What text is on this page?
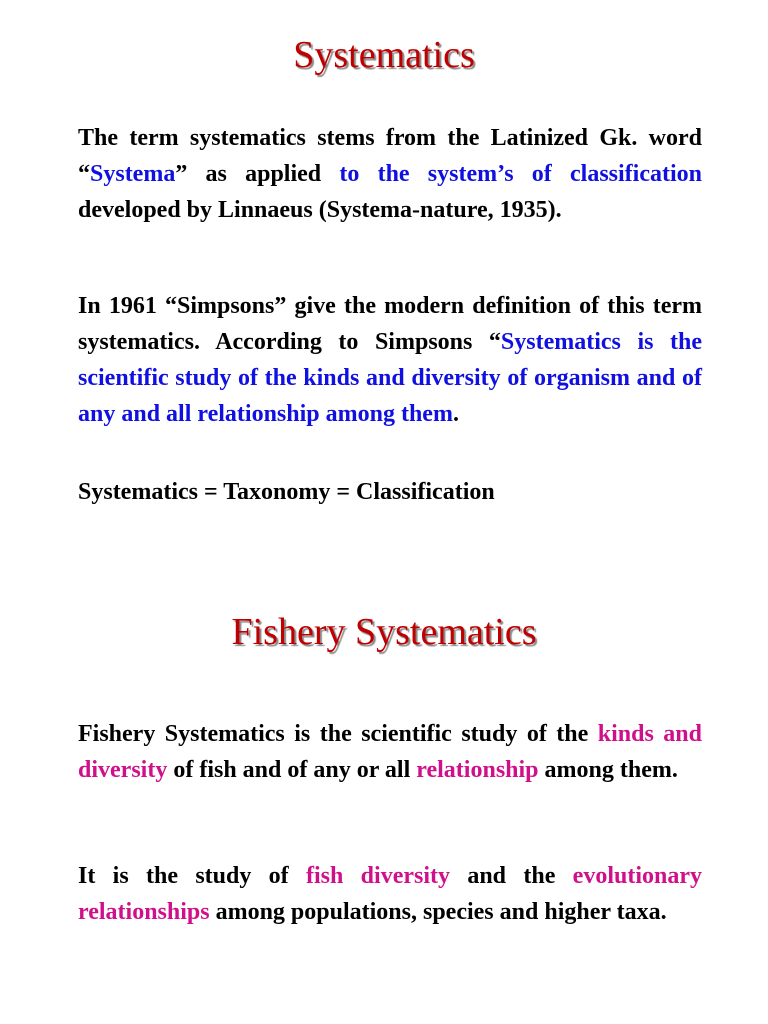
Systematics

The term systematics stems from the Latinized Gk. word “Systema” as applied to the system’s of classification developed by Linnaeus (Systema-nature, 1935).

In 1961 “Simpsons” give the modern definition of this term systematics. According to Simpsons “Systematics is the scientific study of the kinds and diversity of organism and of any and all relationship among them.

Systematics = Taxonomy = Classification

Fishery Systematics

Fishery Systematics is the scientific study of the kinds and diversity of fish and of any or all relationship among them.

It is the study of fish diversity and the evolutionary relationships among populations, species and higher taxa.
